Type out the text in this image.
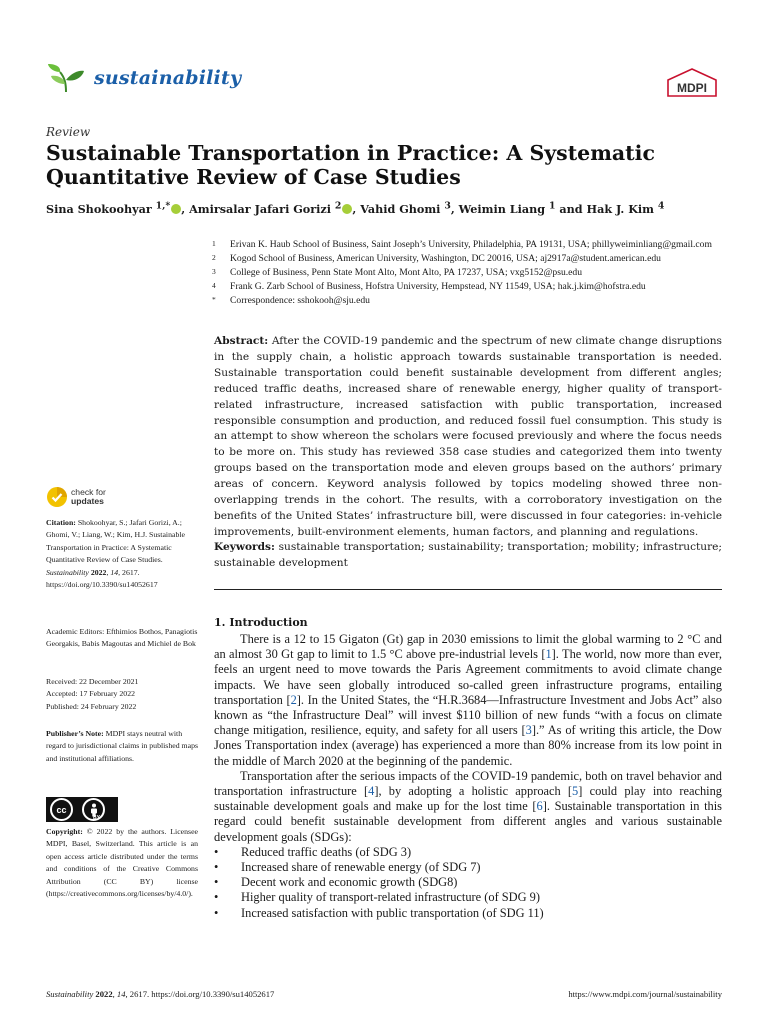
sustainability	MDPI
Review
Sustainable Transportation in Practice: A Systematic Quantitative Review of Case Studies
Sina Shokoohyar $^{1,*}$ , Amirsalar Jafari Gorizi $^2$ , Vahid Ghomi $^3$, Weimin Liang $^1$ and Hak J. Kim $^4$
1	Erivan K. Haub School of Business, Saint Joseph’s University, Philadelphia, PA 19131, USA; phillyweiminliang@gmail.com
2	Kogod School of Business, American University, Washington, DC 20016, USA; aj2917a@student.american.edu
3	College of Business, Penn State Mont Alto, Mont Alto, PA 17237, USA; vxg5152@psu.edu
4	Frank G. Zarb School of Business, Hofstra University, Hempstead, NY 11549, USA; hak.j.kim@hofstra.edu
*	Correspondence: sshokooh@sju.edu

Abstract: After the COVID-19 pandemic and the spectrum of new climate change disruptions in the supply chain, a holistic approach towards sustainable transportation is needed. Sustainable transportation could benefit sustainable development from different angles; reduced traffic deaths, increased share of renewable energy, higher quality of transport-related infrastructure, increased satisfaction with public transportation, increased responsible consumption and production, and reduced fossil fuel consumption. This study is an attempt to show whereon the scholars were focused previously and where the focus needs to be more on. This study has reviewed 358 case studies and categorized them into twenty groups based on the transportation mode and eleven groups based on the authors’ primary areas of concern. Keyword analysis followed by topics modeling showed three non-overlapping trends in the cohort. The results, with a corroboratory investigation on the benefits of the United States’ infrastructure bill, were discussed in four categories: in-vehicle improvements, built-environment elements, human factors, and planning and regulations.

Keywords: sustainable transportation; sustainability; transportation; mobility; infrastructure; sustainable development

check for
updates
Citation: Shokoohyar, S.; Jafari Gorizi, A.; Ghomi, V.; Liang, W.; Kim, H.J. Sustainable Transportation in Practice: A Systematic Quantitative Review of Case Studies. Sustainability 2022, 14, 2617. https://doi.org/10.3390/su14052617
Academic Editors: Efthimios Bothos, Panagiotis Georgakis, Babis Magoutas and Michiel de Bok
Received: 22 December 2021
Accepted: 17 February 2022
Published: 24 February 2022
Publisher’s Note: MDPI stays neutral with regard to jurisdictional claims in published maps and institutional affiliations.
cc
BY
Copyright: © 2022 by the authors. Licensee MDPI, Basel, Switzerland. This article is an open access article distributed under the terms and conditions of the Creative Commons Attribution (CC BY) license (https://creativecommons.org/licenses/by/4.0/).
1. Introduction

There is a 12 to 15 Gigaton (Gt) gap in 2030 emissions to limit the global warming to 2 °C and an almost 30 Gt gap to limit to 1.5 °C above pre-industrial levels [1]. The world, now more than ever, feels an urgent need to move towards the Paris Agreement commitments to avoid climate change impacts. We have seen globally introduced so-called green infrastructure programs, entailing transportation [2]. In the United States, the “H.R.3684—Infrastructure Investment and Jobs Act” also known as “the Infrastructure Deal” will invest $110 billion of new funds “with a focus on climate change mitigation, resilience, equity, and safety for all users [3].” As of writing this article, the Dow Jones Transportation index (average) has experienced a more than 80% increase from its low point in the middle of March 2020 at the beginning of the pandemic.

Transportation after the serious impacts of the COVID-19 pandemic, both on travel behavior and transportation infrastructure [4], by adopting a holistic approach [5] could play into reaching sustainable development goals and make up for the lost time [6]. Sustainable transportation in this regard could benefit sustainable development from different angles and various sustainable development goals (SDGs):

• Reduced traffic deaths (of SDG 3)
• Increased share of renewable energy (of SDG 7)
• Decent work and economic growth (SDG8)
• Higher quality of transport-related infrastructure (of SDG 9)
• Increased satisfaction with public transportation (of SDG 11)
Sustainability 2022, 14, 2617. https://doi.org/10.3390/su14052617	https://www.mdpi.com/journal/sustainability
